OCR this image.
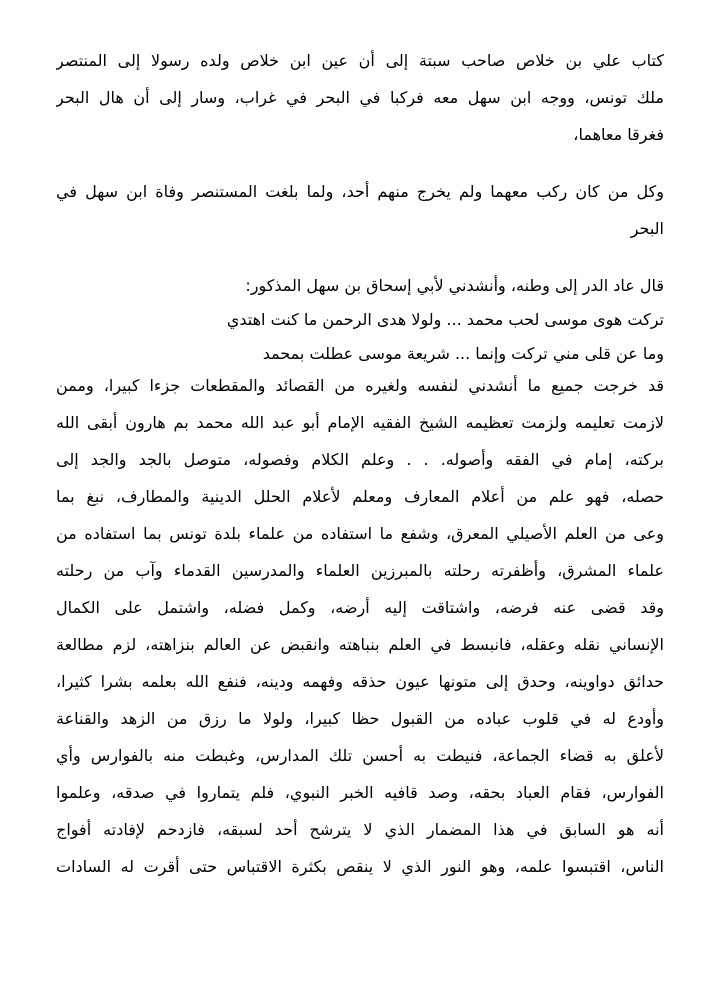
كتاب علي بن خلاص صاحب سبتة إلى أن عين ابن خلاص ولده رسولا إلى المنتصر
ملك تونس، ووجه ابن سهل معه فركبا في البحر في غراب، وسار إلى أن هال البحر
فغرقا معاهما،
وكل من كان ركب معهما ولم يخرج منهم أحد، ولما بلغت المستنصر وفاة ابن سهل في
البحر
قال عاد الدر إلى وطنه، وأنشدني لأبي إسحاق بن سهل المذكور:
تركت هوى موسى لحب محمد ... ولولا هدى الرحمن ما كنت اهتدي
وما عن قلى مني تركت وإنما ... شريعة موسى عطلت بمحمد
قد خرجت جميع ما أنشدني لنفسه ولغيره من القصائد والمقطعات جزءا كبيرا، وممن
لازمت تعليمه ولزمت تعظيمه الشيخ الفقيه الإمام أبو عبد الله محمد بم هارون أبقى الله
بركته، إمام في الفقه وأصوله. . . وعلم الكلام وفصوله، متوصل بالجد والجد إلى
حصله، فهو علم من أعلام المعارف ومعلم لأعلام الحلل الدينية والمطارف، نبغ بما
وعى من العلم الأصيلي المعرق، وشفع ما استفاده من علماء بلدة تونس بما استفاده من
علماء المشرق، وأظفرته رحلته بالمبرزين العلماء والمدرسين القدماء وآب من رحلته
وقد قضى عنه فرضه، واشتاقت إليه أرضه، وكمل فضله، واشتمل على الكمال
الإنساني نقله وعقله، فانبسط في العلم بنباهته وانقبض عن العالم بنزاهته، لزم مطالعة
حدائق دواوينه، وحدق إلى متونها عيون حذقه وفهمه ودينه، فنفع الله بعلمه بشرا كثيرا،
وأودع له في قلوب عباده من القبول حظا كبيرا، ولولا ما رزق من الزهد والقناعة
لأعلق به قضاء الجماعة، فنيطت به أحسن تلك المدارس، وغبطت منه بالفوارس وأي
الفوارس، فقام العباد بحقه، وصد قافيه الخبر النبوي، فلم يتماروا في صدقه، وعلموا
أنه هو السابق في هذا المضمار الذي لا يترشح أحد لسبقه، فازدحم لإفادته أفواج
الناس، اقتبسوا علمه، وهو النور الذي لا ينقص بكثرة الاقتباس حتى أقرت له السادات
